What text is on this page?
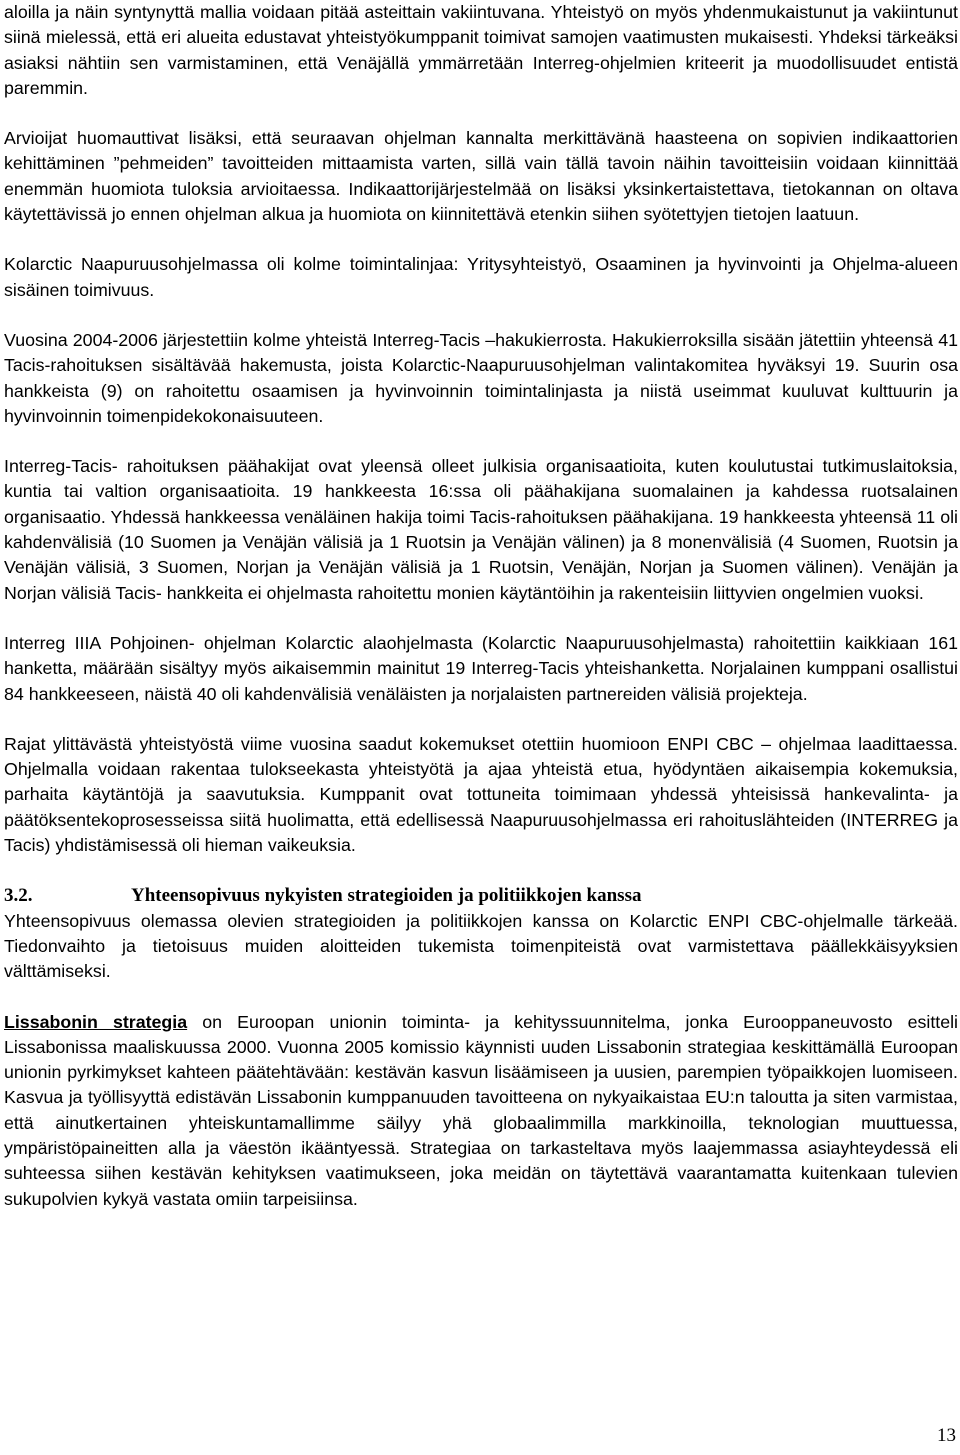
aloilla ja näin syntynyttä mallia voidaan pitää asteittain vakiintuvana. Yhteistyö on myös yhdenmukaistunut ja vakiintunut siinä mielessä, että eri alueita edustavat yhteistyökumppanit toimivat samojen vaatimusten mukaisesti. Yhdeksi tärkeäksi asiaksi nähtiin sen varmistaminen, että Venäjällä ymmärretään Interreg-ohjelmien kriteerit ja muodollisuudet entistä paremmin.

Arvioijat huomauttivat lisäksi, että seuraavan ohjelman kannalta merkittävänä haasteena on sopivien indikaattorien kehittäminen ”pehmeiden” tavoitteiden mittaamista varten, sillä vain tällä tavoin näihin tavoitteisiin voidaan kiinnittää enemmän huomiota tuloksia arvioitaessa. Indikaattorijärjestelmää on lisäksi yksinkertaistettava, tietokannan on oltava käytettävissä jo ennen ohjelman alkua ja huomiota on kiinnitettävä etenkin siihen syötettyjen tietojen laatuun.

Kolarctic Naapuruusohjelmassa oli kolme toimintalinjaa: Yritysyhteistyö, Osaaminen ja hyvinvointi ja Ohjelma-alueen sisäinen toimivuus.

Vuosina 2004-2006 järjestettiin kolme yhteistä Interreg-Tacis –hakukierrosta. Hakukierroksilla sisään jätettiin yhteensä 41 Tacis-rahoituksen sisältävää hakemusta, joista Kolarctic-Naapuruusohjelman valintakomitea hyväksyi 19. Suurin osa hankkeista (9) on rahoitettu osaamisen ja hyvinvoinnin toimintalinjasta ja niistä useimmat kuuluvat kulttuurin ja hyvinvoinnin toimenpidekokonaisuuteen.

Interreg-Tacis- rahoituksen päähakijat ovat yleensä olleet julkisia organisaatioita, kuten koulutustai tutkimuslaitoksia, kuntia tai valtion organisaatioita. 19 hankkeesta 16:ssa oli päähakijana suomalainen ja kahdessa ruotsalainen organisaatio. Yhdessä hankkeessa venäläinen hakija toimi Tacis-rahoituksen päähakijana. 19 hankkeesta yhteensä 11 oli kahdenvälisiä (10 Suomen ja Venäjän välisiä ja 1 Ruotsin ja Venäjän välinen) ja 8 monenvälisiä (4 Suomen, Ruotsin ja Venäjän välisiä, 3 Suomen, Norjan ja Venäjän välisiä ja 1 Ruotsin, Venäjän, Norjan ja Suomen välinen). Venäjän ja Norjan välisiä Tacis- hankkeita ei ohjelmasta rahoitettu monien käytäntöihin ja rakenteisiin liittyvien ongelmien vuoksi.

Interreg IIIA Pohjoinen- ohjelman Kolarctic alaohjelmasta (Kolarctic Naapuruusohjelmasta) rahoitettiin kaikkiaan 161 hanketta, määrään sisältyy myös aikaisemmin mainitut 19 Interreg-Tacis yhteishanketta. Norjalainen kumppani osallistui 84 hankkeeseen, näistä 40 oli kahdenvälisiä venäläisten ja norjalaisten partnereiden välisiä projekteja.

Rajat ylittävästä yhteistyöstä viime vuosina saadut kokemukset otettiin huomioon ENPI CBC – ohjelmaa laadittaessa. Ohjelmalla voidaan rakentaa tulokseekasta yhteistyötä ja ajaa yhteistä etua, hyödyntäen aikaisempia kokemuksia, parhaita käytäntöjä ja saavutuksia. Kumppanit ovat tottuneita toimimaan yhdessä yhteisissä hankevalinta- ja päätöksentekoprosesseissa siitä huolimatta, että edellisessä Naapuruusohjelmassa eri rahoituslähteiden (INTERREG ja Tacis) yhdistämisessä oli hieman vaikeuksia.

3.2.	Yhteensopivuus nykyisten strategioiden ja politiikkojen kanssa

Yhteensopivuus olemassa olevien strategioiden ja politiikkojen kanssa on Kolarctic ENPI CBC-ohjelmalle tärkeää. Tiedonvaihto ja tietoisuus muiden aloitteiden tukemista toimenpiteistä ovat varmistettava päällekkäisyyksien välttämiseksi.

Lissabonin strategia on Euroopan unionin toiminta- ja kehityssuunnitelma, jonka Eurooppaneuvosto esitteli Lissabonissa maaliskuussa 2000. Vuonna 2005 komissio käynnisti uuden Lissabonin strategiaa keskittämällä Euroopan unionin pyrkimykset kahteen päätehtävään: kestävän kasvun lisäämiseen ja uusien, parempien työpaikkojen luomiseen. Kasvua ja työllisyyttä edistävän Lissabonin kumppanuuden tavoitteena on nykyaikaistaa EU:n taloutta ja siten varmistaa, että ainutkertainen yhteiskuntamallimme säilyy yhä globaalimmilla markkinoilla, teknologian muuttuessa, ympäristöpaineitten alla ja väestön ikääntyessä. Strategiaa on tarkasteltava myös laajemmassa asiayhteydessä eli suhteessa siihen kestävän kehityksen vaatimukseen, joka meidän on täytettävä vaarantamatta kuitenkaan tulevien sukupolvien kykyä vastata omiin tarpeisiinsa.

13
